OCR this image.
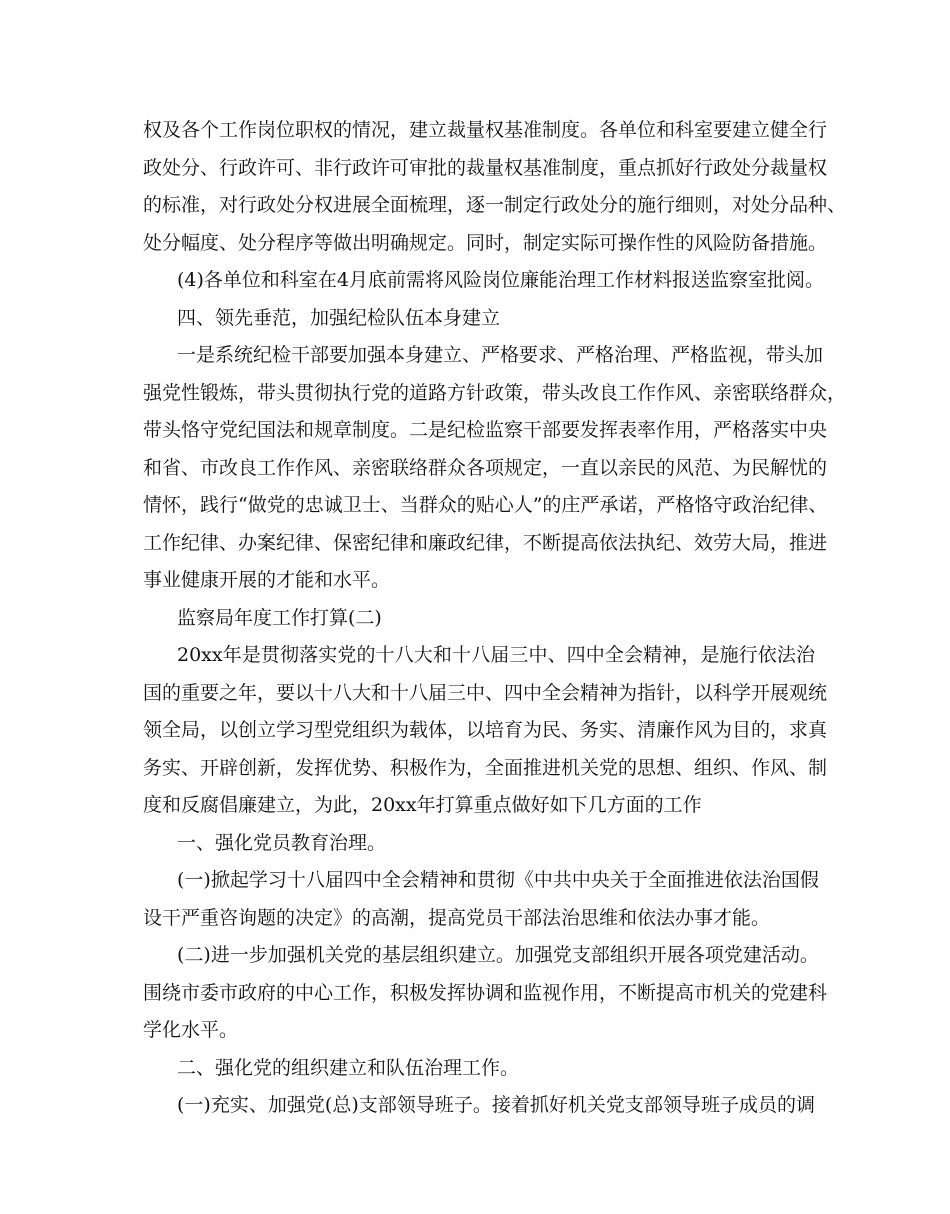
权及各个工作岗位职权的情况，建立裁量权基准制度。各单位和科室要建立健全行
政处分、行政许可、非行政许可审批的裁量权基准制度，重点抓好行政处分裁量权
的标准，对行政处分权进展全面梳理，逐一制定行政处分的施行细则，对处分品种、
处分幅度、处分程序等做出明确规定。同时，制定实际可操作性的风险防备措施。
(4)各单位和科室在4月底前需将风险岗位廉能治理工作材料报送监察室批阅。
四、领先垂范，加强纪检队伍本身建立
一是系统纪检干部要加强本身建立、严格要求、严格治理、严格监视，带头加
强党性锻炼，带头贯彻执行党的道路方针政策，带头改良工作作风、亲密联络群众，
带头恪守党纪国法和规章制度。二是纪检监察干部要发挥表率作用，严格落实中央
和省、市改良工作作风、亲密联络群众各项规定，一直以亲民的风范、为民解忧的
情怀，践行“做党的忠诚卫士、当群众的贴心人”的庄严承诺，严格恪守政治纪律、
工作纪律、办案纪律、保密纪律和廉政纪律，不断提高依法执纪、效劳大局，推进
事业健康开展的才能和水平。
监察局年度工作打算(二)
20xx年是贯彻落实党的十八大和十八届三中、四中全会精神，是施行依法治
国的重要之年，要以十八大和十八届三中、四中全会精神为指针，以科学开展观统
领全局，以创立学习型党组织为载体，以培育为民、务实、清廉作风为目的，求真
务实、开辟创新，发挥优势、积极作为，全面推进机关党的思想、组织、作风、制
度和反腐倡廉建立，为此，20xx年打算重点做好如下几方面的工作
一、强化党员教育治理。
(一)掀起学习十八届四中全会精神和贯彻《中共中央关于全面推进依法治国假
设干严重咨询题的决定》的高潮，提高党员干部法治思维和依法办事才能。
(二)进一步加强机关党的基层组织建立。加强党支部组织开展各项党建活动。
围绕市委市政府的中心工作，积极发挥协调和监视作用，不断提高市机关的党建科
学化水平。
二、强化党的组织建立和队伍治理工作。
(一)充实、加强党(总)支部领导班子。接着抓好机关党支部领导班子成员的调
